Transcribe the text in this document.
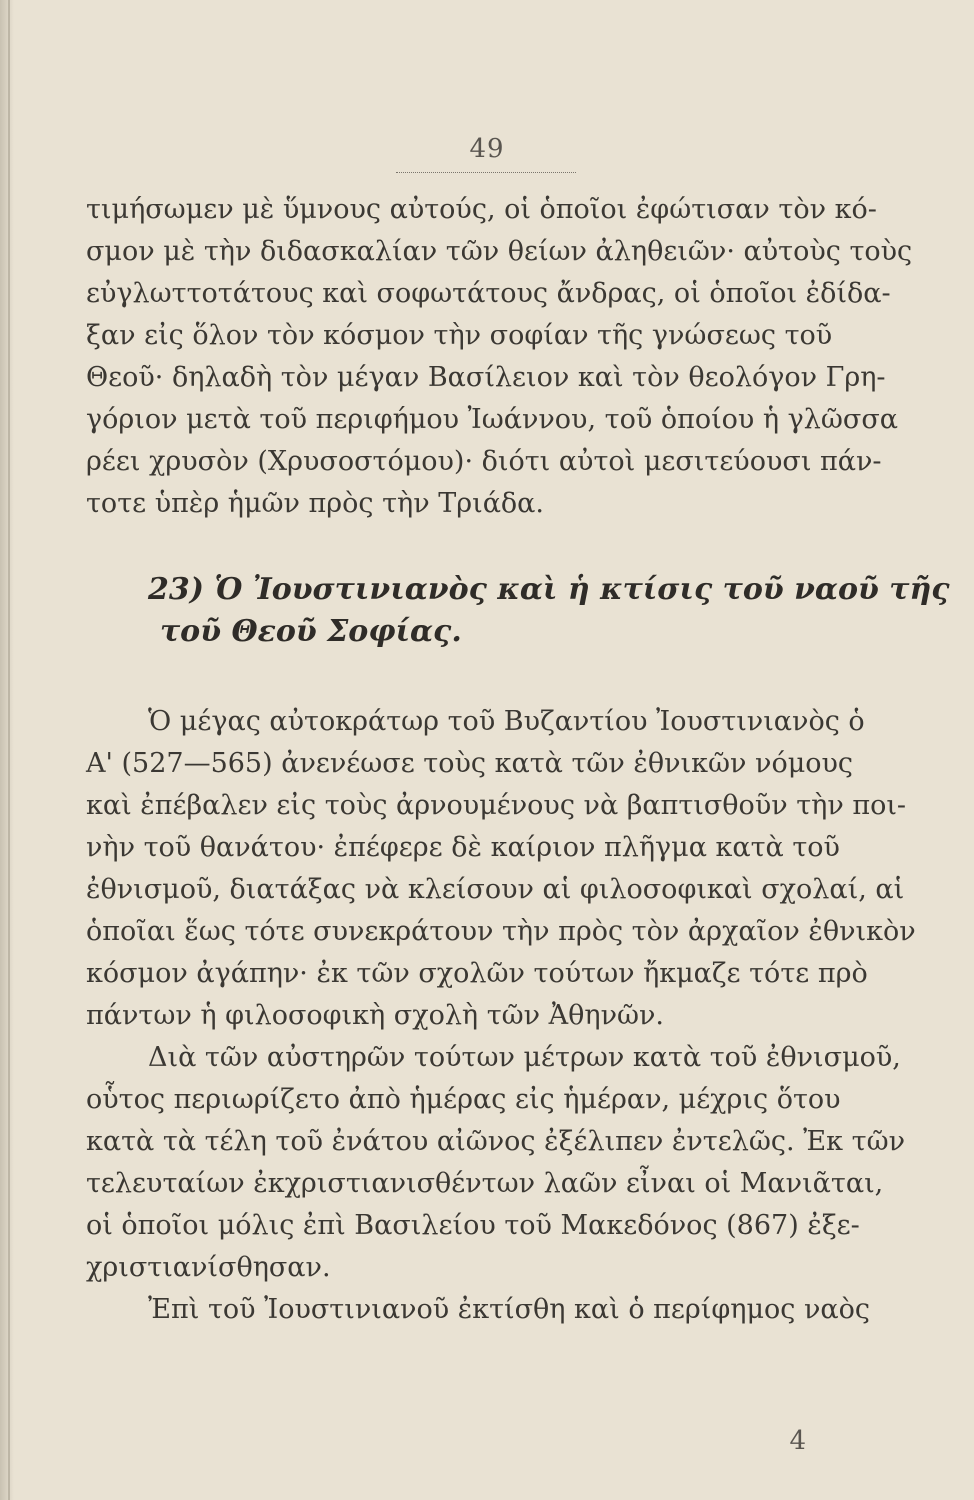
49
τιμήσωμεν μὲ ὕμνους αὐτούς, οἱ ὁποῖοι ἐφώτισαν τὸν κό-
σμον μὲ τὴν διδασκαλίαν τῶν θείων ἀληθειῶν· αὐτοὺς τοὺς
εὐγλωττοτάτους καὶ σοφωτάτους ἄνδρας, οἱ ὁποῖοι ἐδίδα-
ξαν εἰς ὅλον τὸν κόσμον τὴν σοφίαν τῆς γνώσεως τοῦ
Θεοῦ· δηλαδὴ τὸν μέγαν Βασίλειον καὶ τὸν θεολόγον Γρη-
γόριον μετὰ τοῦ περιφήμου Ἰωάννου, τοῦ ὁποίου ἡ γλῶσσα
ρέει χρυσὸν (Χρυσοστόμου)· διότι αὐτοὶ μεσιτεύουσι πάν-
τοτε ὑπὲρ ἡμῶν πρὸς τὴν Τριάδα.
23) Ὁ Ἰουστινιανὸς καὶ ἡ κτίσις τοῦ ναοῦ τῆς
τοῦ Θεοῦ Σοφίας.
Ὁ μέγας αὐτοκράτωρ τοῦ Βυζαντίου Ἰουστινιανὸς ὁ
Α' (527—565) ἀνενέωσε τοὺς κατὰ τῶν ἐθνικῶν νόμους
καὶ ἐπέβαλεν εἰς τοὺς ἀρνουμένους νὰ βαπτισθοῦν τὴν ποι-
νὴν τοῦ θανάτου· ἐπέφερε δὲ καίριον πλῆγμα κατὰ τοῦ
ἐθνισμοῦ, διατάξας νὰ κλείσουν αἱ φιλοσοφικαὶ σχολαί, αἱ
ὁποῖαι ἕως τότε συνεκράτουν τὴν πρὸς τὸν ἀρχαῖον ἐθνικὸν
κόσμον ἀγάπην· ἐκ τῶν σχολῶν τούτων ἤκμαζε τότε πρὸ
πάντων ἡ φιλοσοφικὴ σχολὴ τῶν Ἀθηνῶν.
Διὰ τῶν αὐστηρῶν τούτων μέτρων κατὰ τοῦ ἐθνισμοῦ,
οὗτος περιωρίζετο ἀπὸ ἡμέρας εἰς ἡμέραν, μέχρις ὅτου
κατὰ τὰ τέλη τοῦ ἐνάτου αἰῶνος ἐξέλιπεν ἐντελῶς. Ἐκ τῶν
τελευταίων ἐκχριστιανισθέντων λαῶν εἶναι οἱ Μανιᾶται,
οἱ ὁποῖοι μόλις ἐπὶ Βασιλείου τοῦ Μακεδόνος (867) ἐξε-
χριστιανίσθησαν.
Ἐπὶ τοῦ Ἰουστινιανοῦ ἐκτίσθη καὶ ὁ περίφημος ναὸς
4
